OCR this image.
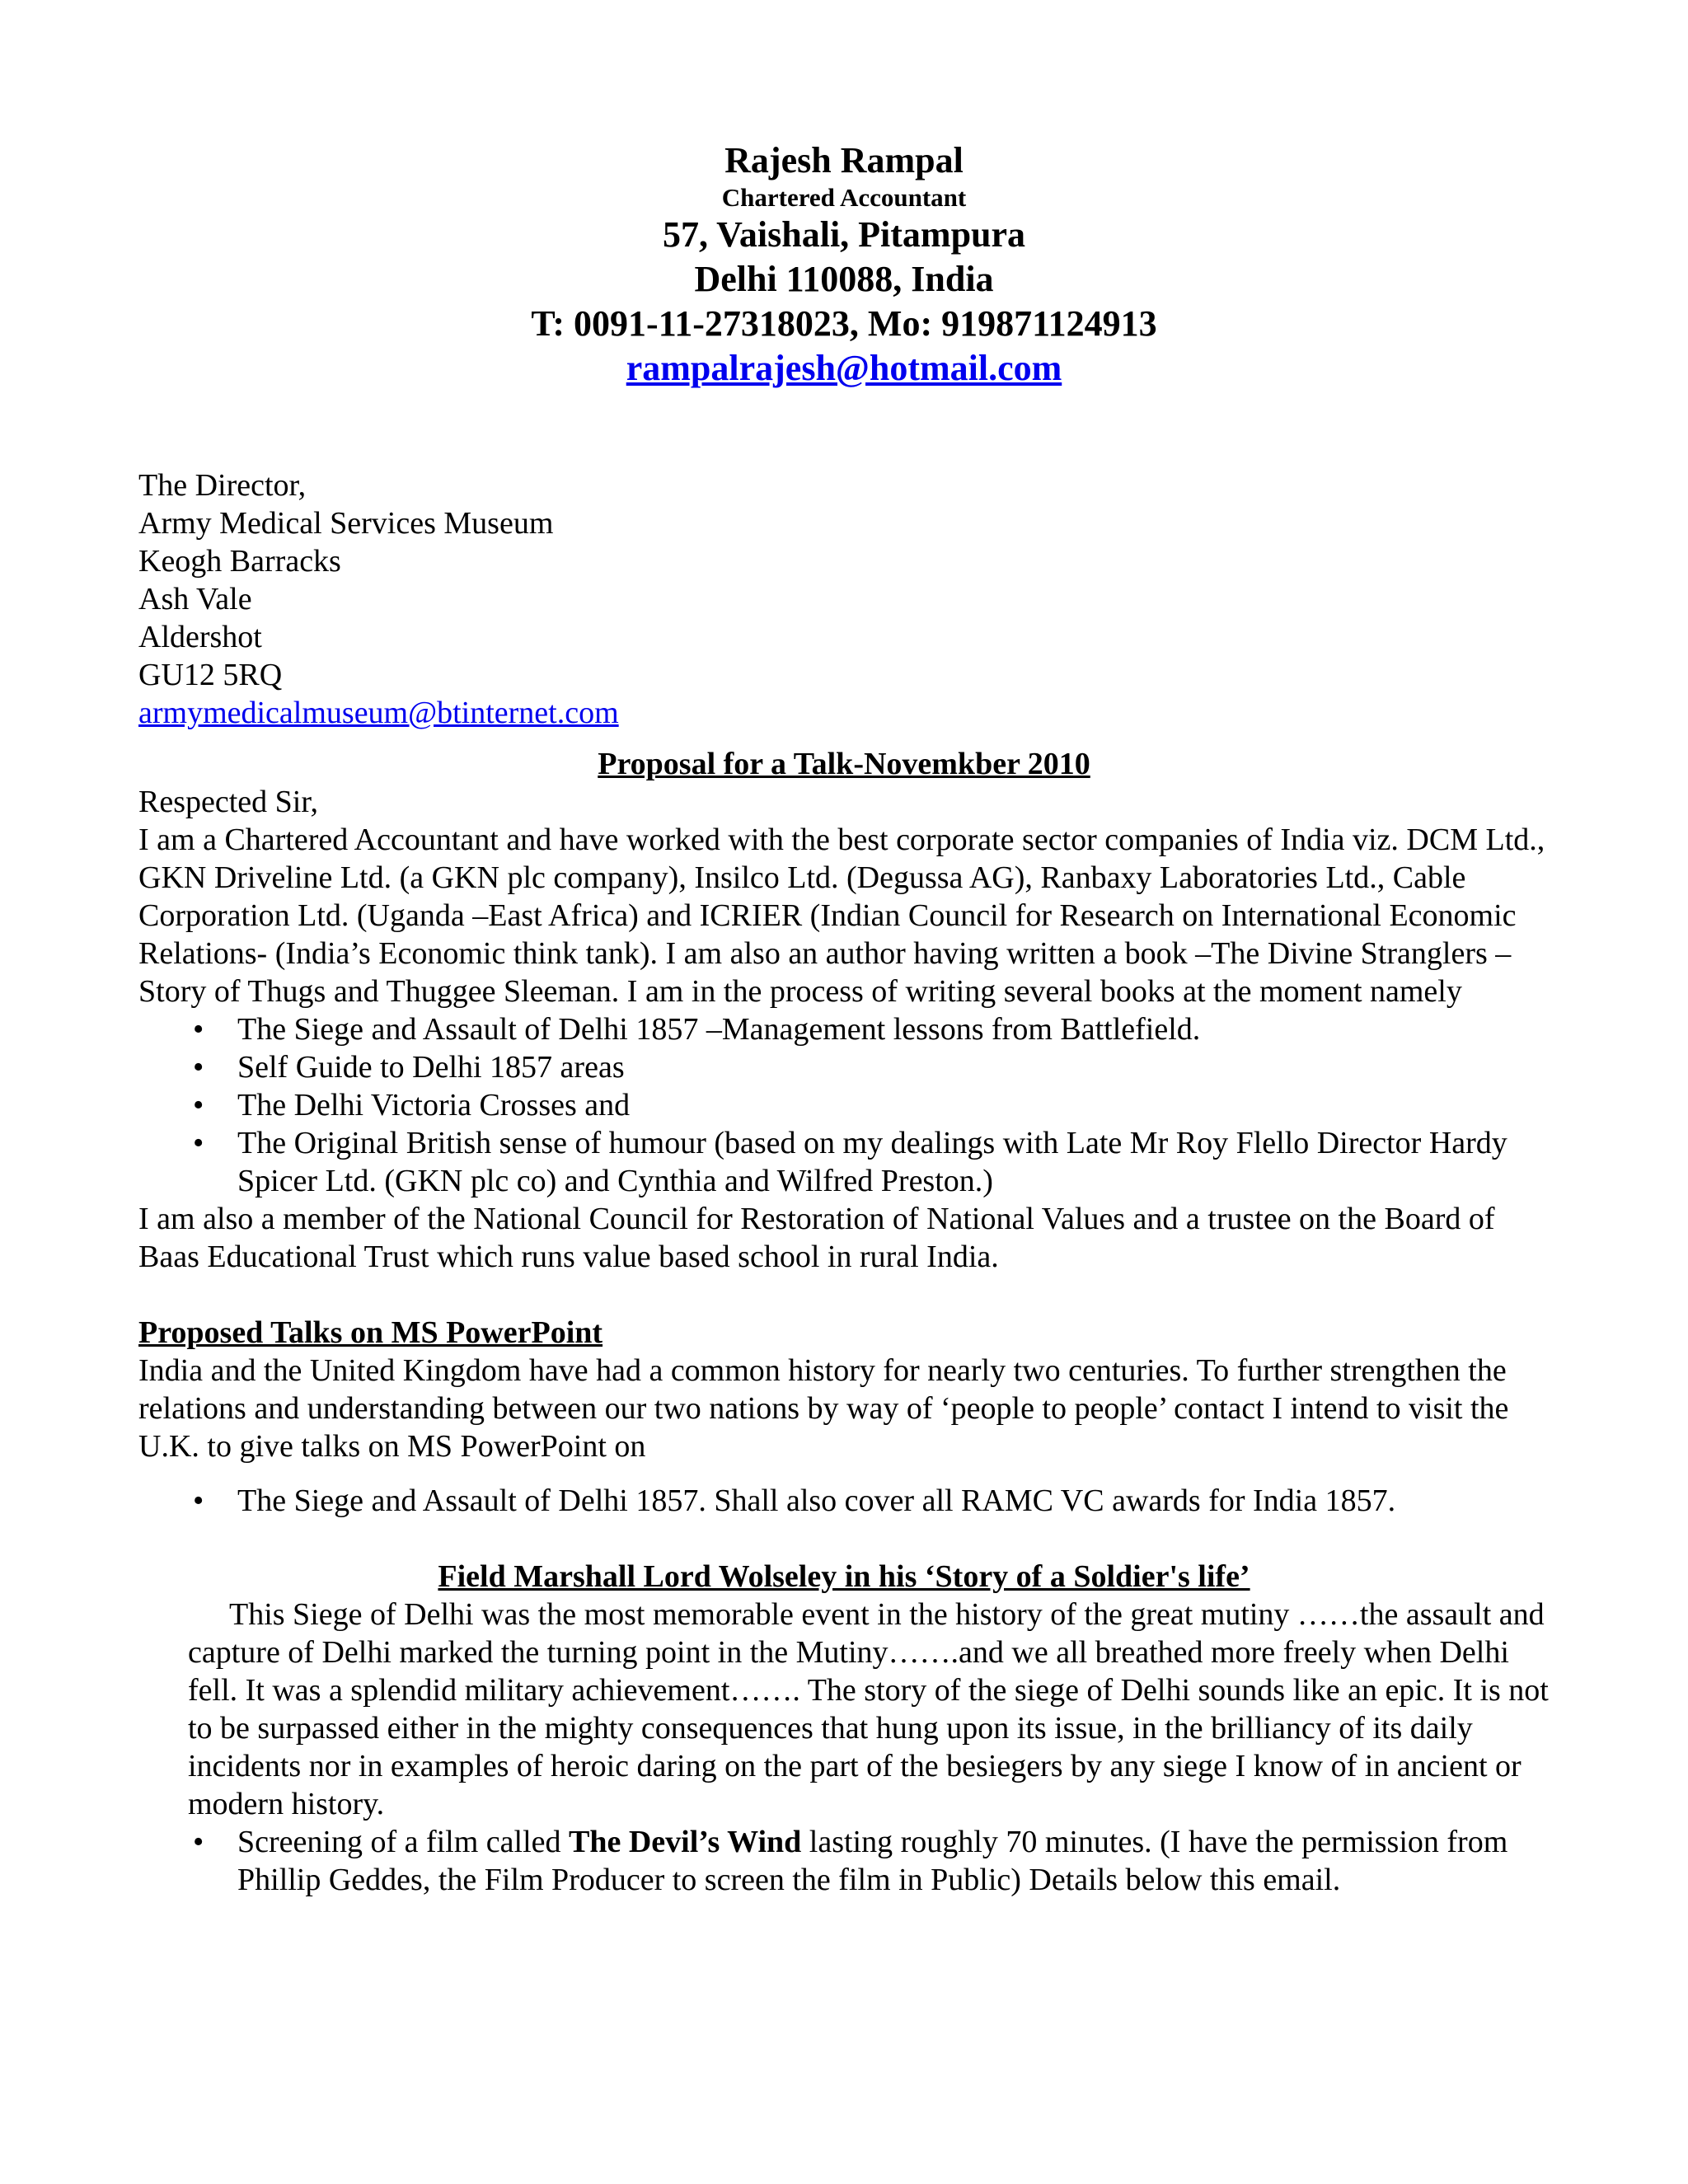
Rajesh Rampal
Chartered Accountant
57, Vaishali, Pitampura
Delhi 110088, India
T: 0091-11-27318023, Mo: 919871124913
rampalrajesh@hotmail.com
The Director,
Army Medical Services Museum
Keogh Barracks
Ash Vale
Aldershot
GU12 5RQ
armymedicalmuseum@btinternet.com
Proposal for a Talk-Novemkber 2010

Respected Sir,

I am a Chartered Accountant and have worked with the best corporate sector companies of India viz. DCM Ltd., GKN Driveline Ltd. (a GKN plc company), Insilco Ltd. (Degussa AG), Ranbaxy Laboratories Ltd., Cable Corporation Ltd. (Uganda –East Africa) and ICRIER (Indian Council for Research on International Economic Relations- (India’s Economic think tank). I am also an author having written a book –The Divine Stranglers –Story of Thugs and Thuggee Sleeman. I am in the process of writing several books at the moment namely

• The Siege and Assault of Delhi 1857 –Management lessons from Battlefield.
• Self Guide to Delhi 1857 areas
• The Delhi Victoria Crosses and
• The Original British sense of humour (based on my dealings with Late Mr Roy Flello Director Hardy Spicer Ltd. (GKN plc co) and Cynthia and Wilfred Preston.)

I am also a member of the National Council for Restoration of National Values and a trustee on the Board of Baas Educational Trust which runs value based school in rural India.

Proposed Talks on MS PowerPoint

India and the United Kingdom have had a common history for nearly two centuries. To further strengthen the relations and understanding between our two nations by way of ‘people to people’ contact I intend to visit the U.K. to give talks on MS PowerPoint on

• The Siege and Assault of Delhi 1857. Shall also cover all RAMC VC awards for India 1857.
Field Marshall Lord Wolseley in his ‘Story of a Soldier's life’

This Siege of Delhi was the most memorable event in the history of the great mutiny ……the assault and capture of Delhi marked the turning point in the Mutiny…….and we all breathed more freely when Delhi fell. It was a splendid military achievement……. The story of the siege of Delhi sounds like an epic. It is not to be surpassed either in the mighty consequences that hung upon its issue, in the brilliancy of its daily incidents nor in examples of heroic daring on the part of the besiegers by any siege I know of in ancient or modern history.

• Screening of a film called The Devil’s Wind lasting roughly 70 minutes. (I have the permission from Phillip Geddes, the Film Producer to screen the film in Public) Details below this email.
